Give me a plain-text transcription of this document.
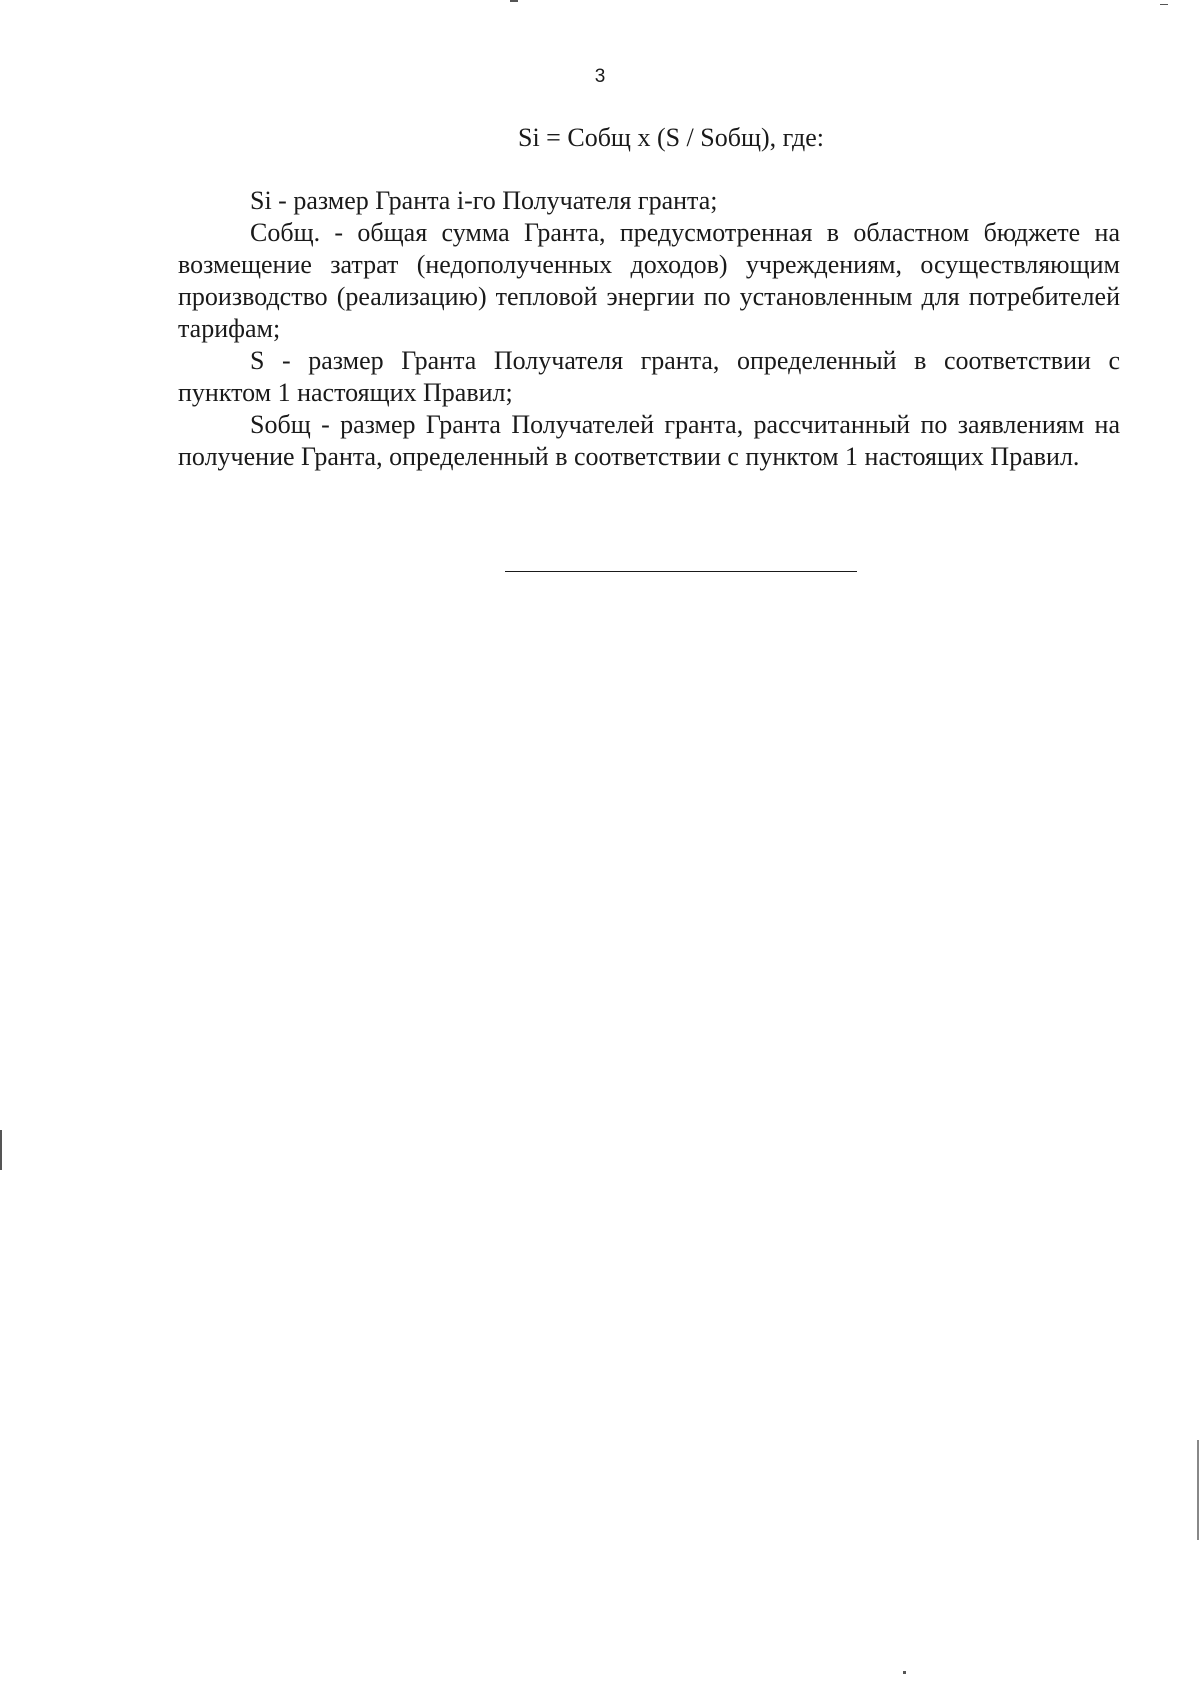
3
Si = Cобщ x (S / Sобщ), где:

Si - размер Гранта i-го Получателя гранта;

Cобщ. - общая сумма Гранта, предусмотренная в областном бюджете на возмещение затрат (недополученных доходов) учреждениям, осуществляющим производство (реализацию) тепловой энергии по установленным для потребителей тарифам;

S - размер Гранта Получателя гранта, определенный в соответствии с пунктом 1 настоящих Правил;

Sобщ - размер Гранта Получателей гранта, рассчитанный по заявлениям на получение Гранта, определенный в соответствии с пунктом 1 настоящих Правил.
